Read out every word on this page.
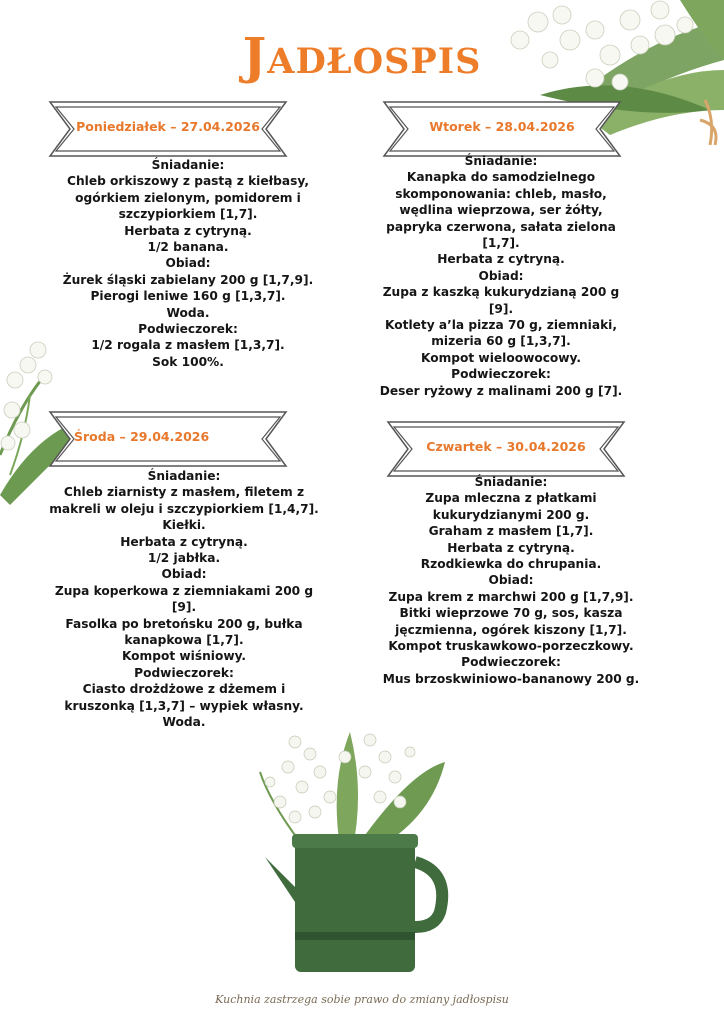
Jadłospis
Poniedziałek – 27.04.2026	Wtorek – 28.04.2026
Środa – 29.04.2026
Czwartek – 30.04.2026
Śniadanie:
Chleb orkiszowy z pastą z kiełbasy,
ogórkiem zielonym, pomidorem i
szczypiorkiem [1,7].
Herbata z cytryną.
1/2 banana.
Obiad:
Żurek śląski zabielany 200 g [1,7,9].
Pierogi leniwe 160 g [1,3,7].
Woda.
Podwieczorek:
1/2 rogala z masłem [1,3,7].
Sok 100%.
Śniadanie:
Kanapka do samodzielnego
skomponowania: chleb, masło,
wędlina wieprzowa, ser żółty,
papryka czerwona, sałata zielona
[1,7].
Herbata z cytryną.
Obiad:
Zupa z kaszką kukurydzianą 200 g
[9].
Kotlety a’la pizza 70 g, ziemniaki,
mizeria 60 g [1,3,7].
Kompot wieloowocowy.
Podwieczorek:
Deser ryżowy z malinami 200 g [7].
Śniadanie:
Chleb ziarnisty z masłem, filetem z
makreli w oleju i szczypiorkiem [1,4,7].
Kiełki.
Herbata z cytryną.
1/2 jabłka.
Obiad:
Zupa koperkowa z ziemniakami 200 g
[9].
Fasolka po bretońsku 200 g, bułka
kanapkowa [1,7].
Kompot wiśniowy.
Podwieczorek:
Ciasto drożdżowe z dżemem i
kruszonką [1,3,7] – wypiek własny.
Woda.
Śniadanie:
Zupa mleczna z płatkami
kukurydzianymi 200 g.
Graham z masłem [1,7].
Herbata z cytryną.
Rzodkiewka do chrupania.
Obiad:
Zupa krem z marchwi 200 g [1,7,9].
Bitki wieprzowe 70 g, sos, kasza
jęczmienna, ogórek kiszony [1,7].
Kompot truskawkowo-porzeczkowy.
Podwieczorek:
Mus brzoskwiniowo-bananowy 200 g.
Kuchnia zastrzega sobie prawo do zmiany jadłospisu
